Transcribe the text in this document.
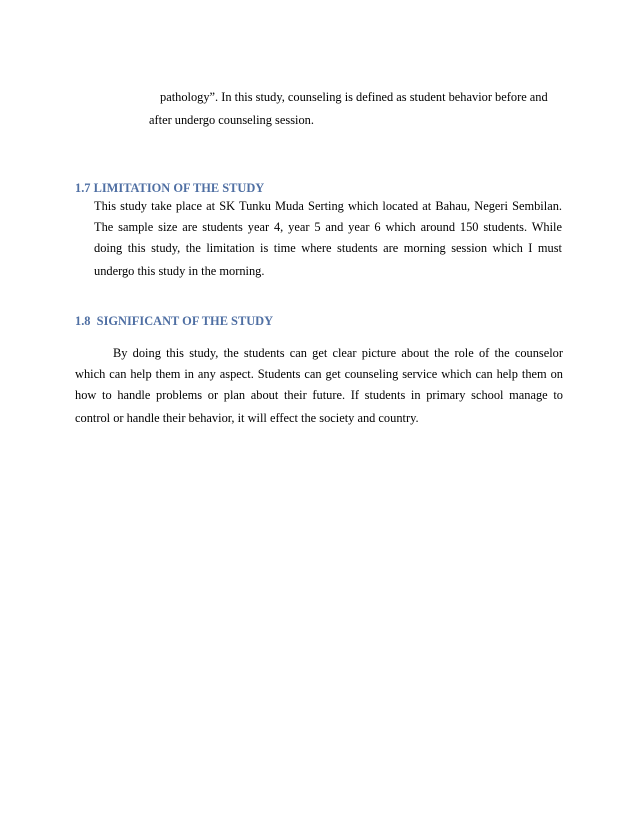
pathology”. In this study, counseling is defined as student behavior before and
after undergo counseling session.
1.7 LIMITATION OF THE STUDY
This study take place at SK Tunku Muda Serting which located at Bahau, Negeri Sembilan.
The sample size are students year 4, year 5 and year 6 which around 150 students. While
doing this study, the limitation is time where students are morning session which I must
undergo this study in the morning.
1.8  SIGNIFICANT OF THE STUDY
By doing this study, the students can get clear picture about the role of the counselor
which can help them in any aspect. Students can get counseling service which can help them on
how to handle problems or plan about their future. If students in primary school manage to
control or handle their behavior, it will effect the society and country.
